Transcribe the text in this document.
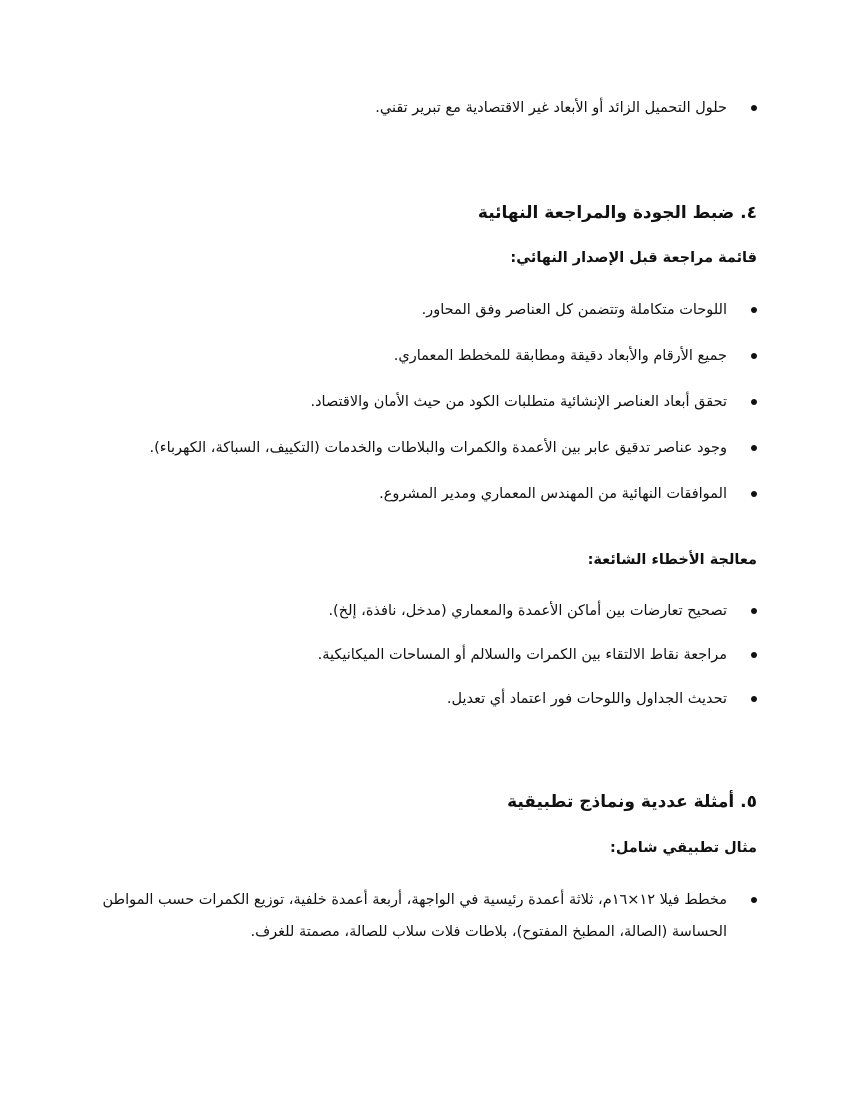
حلول التحميل الزائد أو الأبعاد غير الاقتصادية مع تبرير تقني.
٤. ضبط الجودة والمراجعة النهائية
قائمة مراجعة قبل الإصدار النهائي:
اللوحات متكاملة وتتضمن كل العناصر وفق المحاور.
جميع الأرقام والأبعاد دقيقة ومطابقة للمخطط المعماري.
تحقق أبعاد العناصر الإنشائية متطلبات الكود من حيث الأمان والاقتصاد.
وجود عناصر تدقيق عابر بين الأعمدة والكمرات والبلاطات والخدمات (التكييف، السباكة، الكهرباء).
الموافقات النهائية من المهندس المعماري ومدير المشروع.
معالجة الأخطاء الشائعة:
تصحيح تعارضات بين أماكن الأعمدة والمعماري (مدخل، نافذة، إلخ).
مراجعة نقاط الالتقاء بين الكمرات والسلالم أو المساحات الميكانيكية.
تحديث الجداول واللوحات فور اعتماد أي تعديل.
٥. أمثلة عددية ونماذج تطبيقية
مثال تطبيقي شامل:
مخطط فيلا ١٢×١٦م، ثلاثة أعمدة رئيسية في الواجهة، أربعة أعمدة خلفية، توزيع الكمرات حسب المواطن الحساسة (الصالة، المطبخ المفتوح)، بلاطات فلات سلاب للصالة، مصمتة للغرف.
